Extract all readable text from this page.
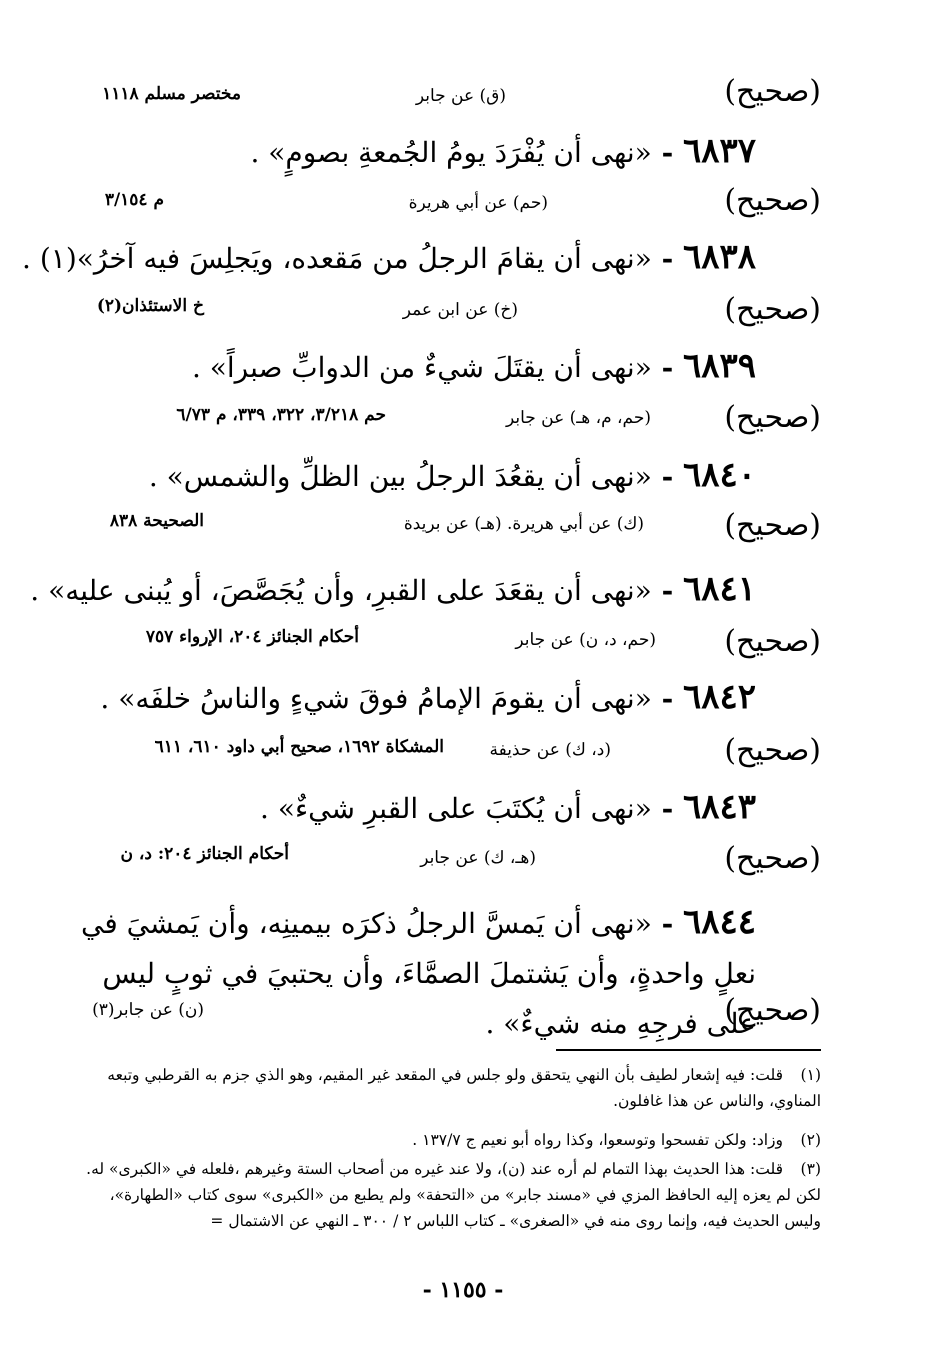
(صحيح)
(ق) عن جابر
مختصر مسلم ١١١٨
٦٨٣٧ - «نهى أن يُفْرَدَ يومُ الجُمعةِ بصومٍ» .
(صحيح)
(حم) عن أبي هريرة
م ٣/١٥٤
٦٨٣٨ - «نهى أن يقامَ الرجلُ من مَقعده، ويَجلِسَ فيه آخرُ»(١) .
(صحيح)
(خ) عن ابن عمر
خ الاستئذان(٢)
٦٨٣٩ - «نهى أن يقتَلَ شيءٌ من الدوابِّ صبراً» .
(صحيح)
(حم، م، هـ) عن جابر
حم ٣/٢١٨، ٣٢٢، ٣٣٩، م ٦/٧٣
٦٨٤٠ - «نهى أن يقعُدَ الرجلُ بين الظلِّ والشمس» .
(صحيح)
(ك) عن أبي هريرة. (هـ) عن بريدة
الصحيحة ٨٣٨
٦٨٤١ - «نهى أن يقعَدَ على القبرِ، وأن يُجَصَّصَ، أو يُبنى عليه» .
(صحيح)
(حم، د، ن) عن جابر
أحكام الجنائز ٢٠٤، الإرواء ٧٥٧
٦٨٤٢ - «نهى أن يقومَ الإمامُ فوقَ شيءٍ والناسُ خلفَه» .
(صحيح)
(د، ك) عن حذيفة
المشكاة ١٦٩٢، صحيح أبي داود ٦١٠، ٦١١
٦٨٤٣ - «نهى أن يُكتَبَ على القبرِ شيءٌ» .
(صحيح)
(هـ، ك) عن جابر
أحكام الجنائز ٢٠٤: د، ن
٦٨٤٤ - «نهى أن يَمسَّ الرجلُ ذكرَه بيمينِه، وأن يَمشيَ في نعلٍ واحدةٍ، وأن يَشتملَ الصمَّاءَ، وأن يحتبيَ في ثوبٍ ليس على فرجِهِ منه شيءٌ» .
(صحيح)
(ن) عن جابر(٣)
(١)قلت: فيه إشعار لطيف بأن النهي يتحقق ولو جلس في المقعد غير المقيم، وهو الذي جزم به القرطبي وتبعه المناوي، والناس عن هذا غافلون.
(٢)وزاد: ولكن تفسحوا وتوسعوا، وكذا رواه أبو نعيم ج ١٣٧/٧ .
(٣)قلت: هذا الحديث بهذا التمام لم أره عند (ن)، ولا عند غيره من أصحاب الستة وغيرهم ،فلعله في «الكبرى» له. لكن لم يعزه إليه الحافظ المزي في «مسند جابر» من «التحفة» ولم يطبع من «الكبرى» سوى كتاب «الطهارة»، وليس الحديث فيه، وإنما روى منه في «الصغرى» ـ كتاب اللباس ٢ / ٣٠٠ ـ النهي عن الاشتمال =
- ١١٥٥ -
